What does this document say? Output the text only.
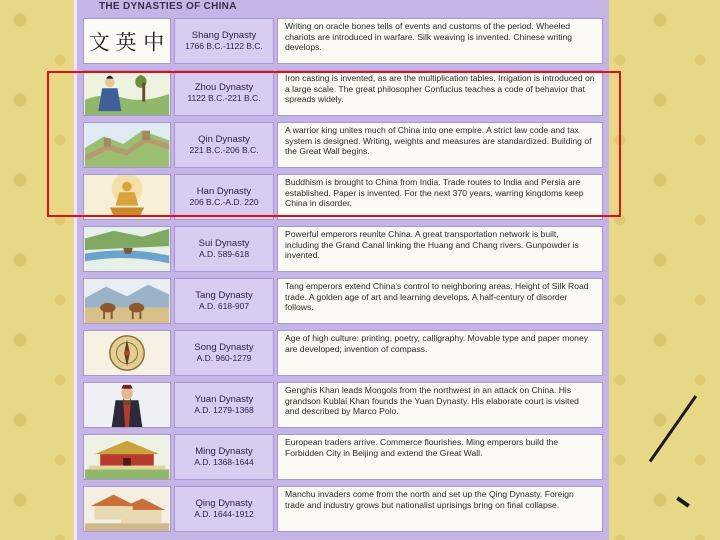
THE DYNASTIES OF CHINA
文 英 中	Shang Dynasty
1766 B.C.-1122 B.C.
Writing on oracle bones tells of events and customs of the period. Wheeled chariots are introduced in warfare. Silk weaving is invented. Chinese writing develops.
Zhou Dynasty
1122 B.C.-221 B.C.
Iron casting is invented, as are the multiplication tables. Irrigation is introduced on a large scale. The great philosopher Confucius teaches a code of behavior that spreads widely.
Qin Dynasty
221 B.C.-206 B.C.
A warrior king unites much of China into one empire. A strict law code and tax system is designed. Writing, weights and measures are standardized. Building of the Great Wall begins.
Han Dynasty
206 B.C.-A.D. 220
Buddhism is brought to China from India. Trade routes to India and Persia are established. Paper is invented. For the next 370 years, warring kingdoms keep China in disorder.
Sui Dynasty
A.D. 589-618
Powerful emperors reunite China. A great transportation network is built, including the Grand Canal linking the Huang and Chang rivers. Gunpowder is invented.
Tang Dynasty
A.D. 618-907
Tang emperors extend China's control to neighboring areas. Height of Silk Road trade. A golden age of art and learning develops. A half-century of disorder follows.
Song Dynasty
A.D. 960-1279
Age of high culture: printing, poetry, calligraphy. Movable type and paper money are developed; invention of compass.
Yuan Dynasty
A.D. 1279-1368
Genghis Khan leads Mongols from the northwest in an attack on China. His grandson Kublai Khan founds the Yuan Dynasty. His elaborate court is visited and described by Marco Polo.
Ming Dynasty
A.D. 1368-1644
European traders arrive. Commerce flourishes. Ming emperors build the Forbidden City in Beijing and extend the Great Wall.
Qing Dynasty
A.D. 1644-1912
Manchu invaders come from the north and set up the Qing Dynasty. Foreign trade and industry grows but nationalist uprisings bring on final collapse.
